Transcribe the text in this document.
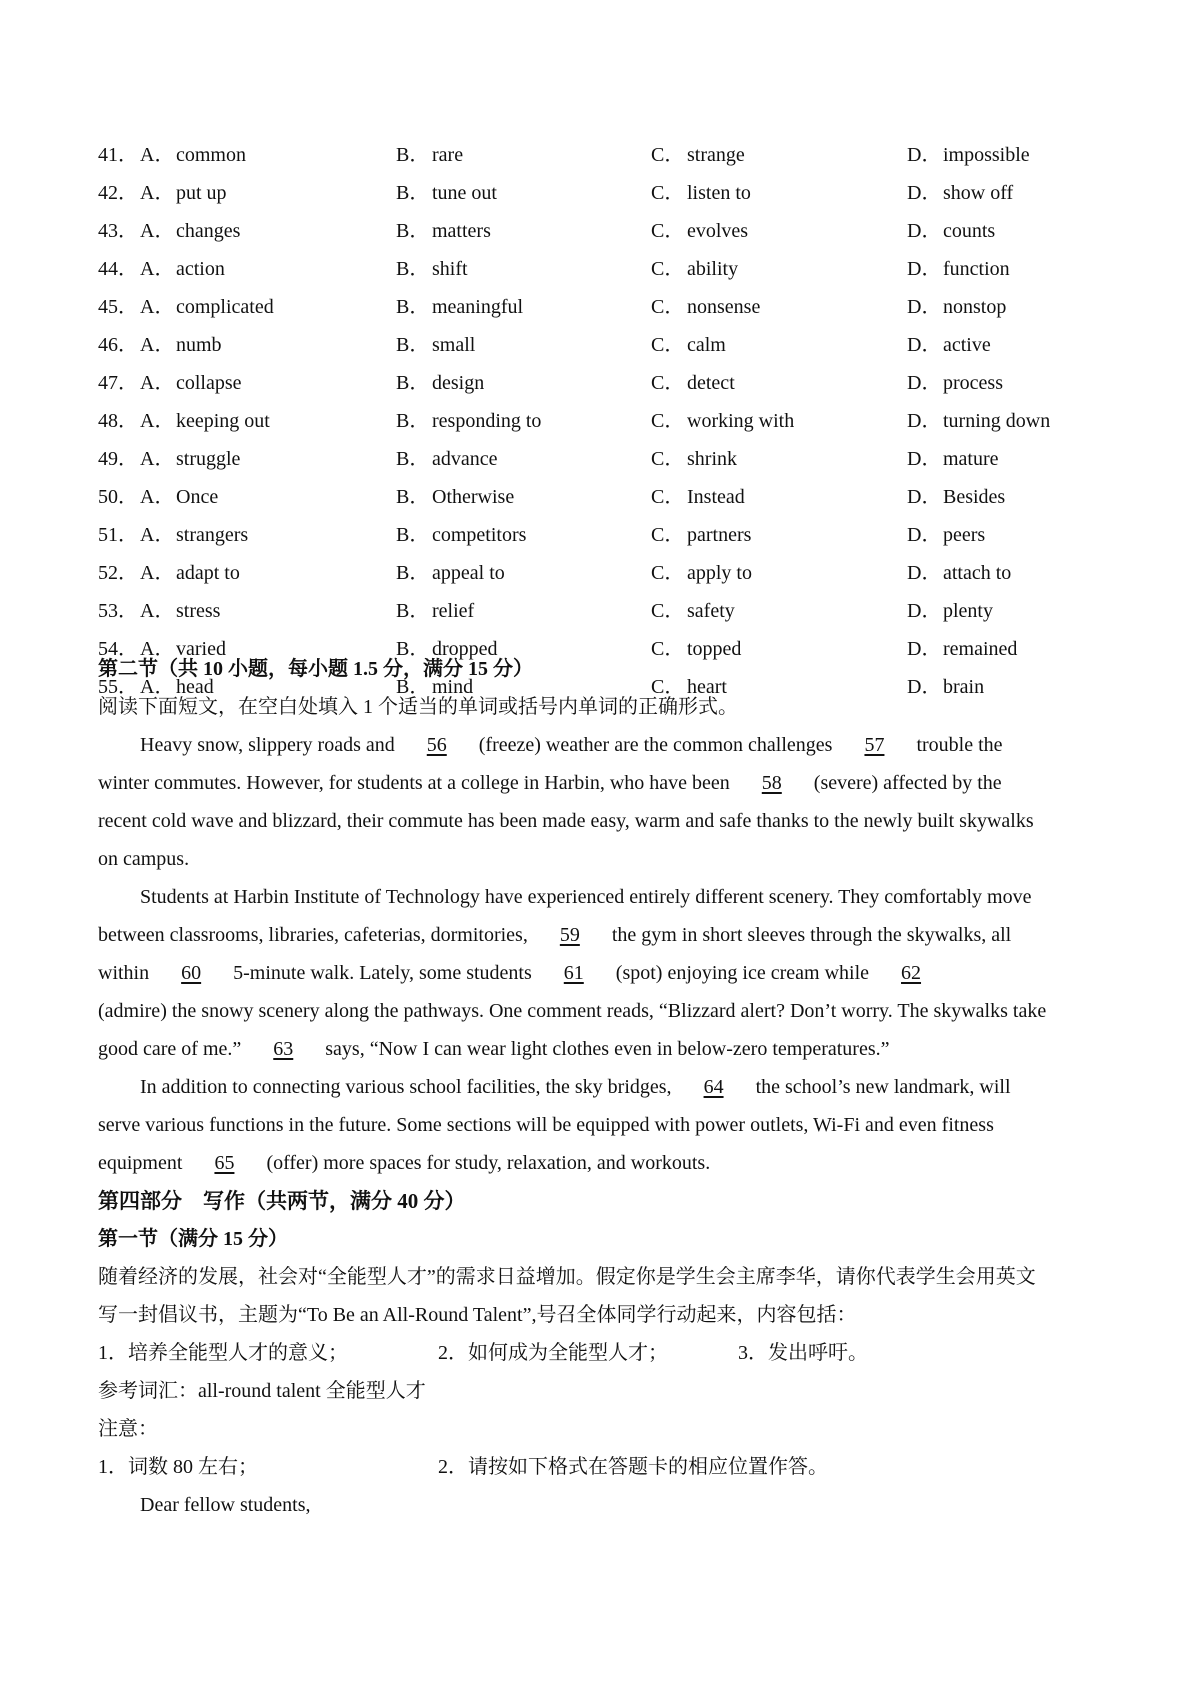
41． A．common	B． rare	C． strange	D．impossible
42． A．put up	B． tune out	C． listen to	D．show off
43． A．changes	B． matters	C． evolves	D．counts
44． A．action	B． shift	C． ability	D．function
45． A．complicated	B． meaningful	C． nonsense	D．nonstop
46． A．numb	B． small	C． calm	D．active
47． A．collapse	B． design	C． detect	D．process
48． A．keeping out	B． responding to	C． working with	D．turning down
49． A．struggle	B． advance	C． shrink	D．mature
50． A．Once	B． Otherwise	C． Instead	D．Besides
51． A．strangers	B． competitors	C． partners	D．peers
52． A．adapt to	B． appeal to	C． apply to	D．attach to
53． A．stress	B． relief	C． safety	D．plenty
54． A．varied	B． dropped	C． topped	D．remained
55． A．head	B． mind	C． heart	D．brain
第二节（共 10 小题，每小题 1.5 分，满分 15 分）
阅读下面短文，在空白处填入 1 个适当的单词或括号内单词的正确形式。
Heavy snow, slippery roads and 56 (freeze) weather are the common challenges 57 trouble the
winter commutes. However, for students at a college in Harbin, who have been 58 (severe) affected by the
recent cold wave and blizzard, their commute has been made easy, warm and safe thanks to the newly built skywalks
on campus.
Students at Harbin Institute of Technology have experienced entirely different scenery. They comfortably move
between classrooms, libraries, cafeterias, dormitories, 59 the gym in short sleeves through the skywalks, all
within 60 5-minute walk. Lately, some students 61 (spot) enjoying ice cream while 62
(admire) the snowy scenery along the pathways. One comment reads, “Blizzard alert? Don’t worry. The skywalks take
good care of me.” 63 says, “Now I can wear light clothes even in below-zero temperatures.”
In addition to connecting various school facilities, the sky bridges, 64 the school’s new landmark, will
serve various functions in the future. Some sections will be equipped with power outlets, Wi-Fi and even fitness
equipment 65 (offer) more spaces for study, relaxation, and workouts.
第四部分　写作（共两节，满分 40 分）
第一节（满分 15 分）
随着经济的发展，社会对“全能型人才”的需求日益增加。假定你是学生会主席李华，请你代表学生会用英文
写一封倡议书，主题为“To Be an All-Round Talent”,号召全体同学行动起来，内容包括：
1．培养全能型人才的意义；	2．如何成为全能型人才；	3．发出呼吁。
参考词汇：all-round talent 全能型人才
注意：
1．词数 80 左右；	2．请按如下格式在答题卡的相应位置作答。
Dear fellow students,
